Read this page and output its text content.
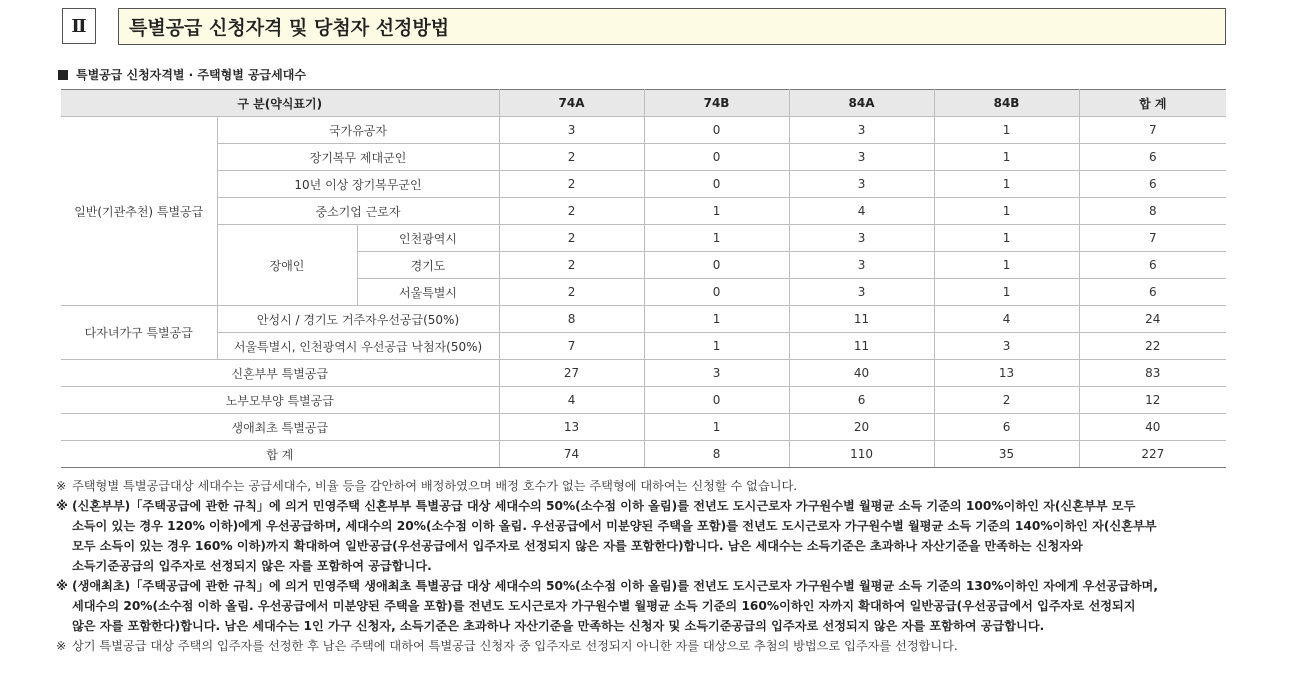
Ⅱ	특별공급 신청자격 및 당첨자 선정방법
특별공급 신청자격별 · 주택형별 공급세대수
구 분(약식표기)			74A	74B	84A	84B	합 계
일반(기관추천) 특별공급	국가유공자		3	0	3	1	7
	장기복무 제대군인		2	0	3	1	6
	10년 이상 장기복무군인		2	0	3	1	6
	중소기업 근로자		2	1	4	1	8
	장애인	인천광역시	2	1	3	1	7
		경기도	2	0	3	1	6
		서울특별시	2	0	3	1	6
다자녀가구 특별공급	안성시 / 경기도 거주자우선공급(50%)		8	1	11	4	24
	서울특별시, 인천광역시 우선공급 낙첨자(50%)		7	1	11	3	22
신혼부부 특별공급			27	3	40	13	83
노부모부양 특별공급			4	0	6	2	12
생애최초 특별공급			13	1	20	6	40
합 계			74	8	110	35	227
※ 주택형별 특별공급대상 세대수는 공급세대수, 비율 등을 감안하여 배정하였으며 배정 호수가 없는 주택형에 대하여는 신청할 수 없습니다.
※ (신혼부부)「주택공급에 관한 규칙」에 의거 민영주택 신혼부부 특별공급 대상 세대수의 50%(소수점 이하 올림)를 전년도 도시근로자 가구원수별 월평균 소득 기준의 100%이하인 자(신혼부부 모두
소득이 있는 경우 120% 이하)에게 우선공급하며, 세대수의 20%(소수점 이하 올림. 우선공급에서 미분양된 주택을 포함)를 전년도 도시근로자 가구원수별 월평균 소득 기준의 140%이하인 자(신혼부부
모두 소득이 있는 경우 160% 이하)까지 확대하여 일반공급(우선공급에서 입주자로 선정되지 않은 자를 포함한다)합니다. 남은 세대수는 소득기준은 초과하나 자산기준을 만족하는 신청자와
소득기준공급의 입주자로 선정되지 않은 자를 포함하여 공급합니다.
※ (생애최초)「주택공급에 관한 규칙」에 의거 민영주택 생애최초 특별공급 대상 세대수의 50%(소수점 이하 올림)를 전년도 도시근로자 가구원수별 월평균 소득 기준의 130%이하인 자에게 우선공급하며,
세대수의 20%(소수점 이하 올림. 우선공급에서 미분양된 주택을 포함)를 전년도 도시근로자 가구원수별 월평균 소득 기준의 160%이하인 자까지 확대하여 일반공급(우선공급에서 입주자로 선정되지
않은 자를 포함한다)합니다. 남은 세대수는 1인 가구 신청자, 소득기준은 초과하나 자산기준을 만족하는 신청자 및 소득기준공급의 입주자로 선정되지 않은 자를 포함하여 공급합니다.
※ 상기 특별공급 대상 주택의 입주자를 선정한 후 남은 주택에 대하여 특별공급 신청자 중 입주자로 선정되지 아니한 자를 대상으로 추첨의 방법으로 입주자를 선정합니다.
